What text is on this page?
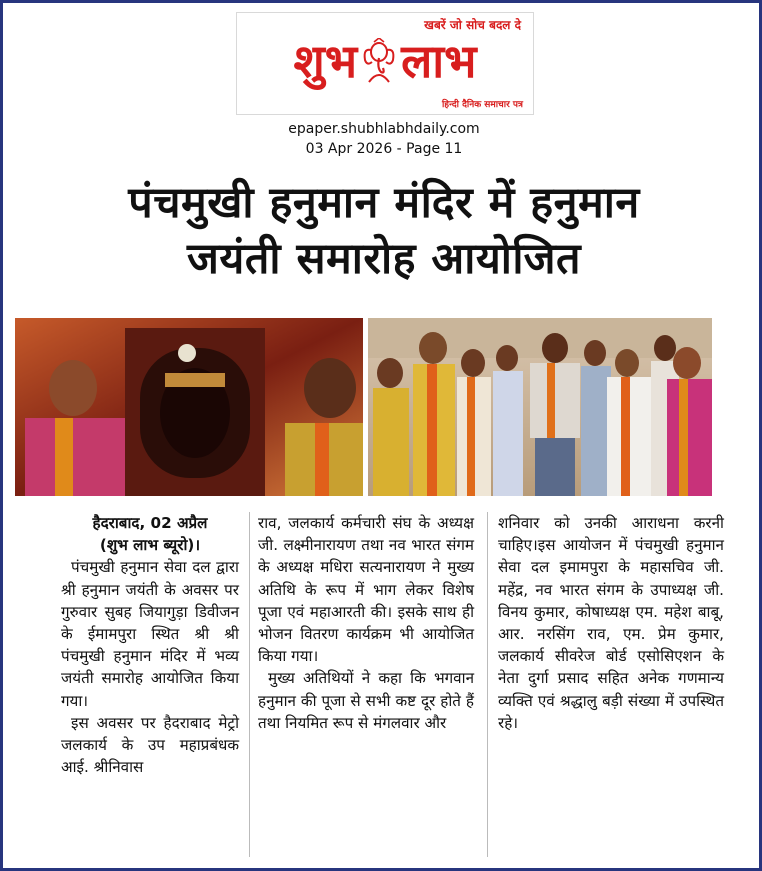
खबरें जो सोच बदल दे
शुभ लाभ
हिन्दी दैनिक समाचार पत्र
epaper.shubhlabhdaily.com
03 Apr 2026 - Page 11
पंचमुखी हनुमान मंदिर में हनुमान
जयंती समारोह आयोजित
हैदराबाद, 02 अप्रैल
(शुभ लाभ ब्यूरो)।

पंचमुखी हनुमान सेवा दल द्वारा श्री हनुमान जयंती के अवसर पर गुरुवार सुबह जियागुड़ा डिवीजन के ईमामपुरा स्थित श्री श्री पंचमुखी हनुमान मंदिर में भव्य जयंती समारोह आयोजित किया गया।

इस अवसर पर हैदराबाद मेट्रो जलकार्य के उप महाप्रबंधक आई. श्रीनिवास

राव, जलकार्य कर्मचारी संघ के अध्यक्ष जी. लक्ष्मीनारायण तथा नव भारत संगम के अध्यक्ष मधिरा सत्यनारायण ने मुख्य अतिथि के रूप में भाग लेकर विशेष पूजा एवं महाआरती की। इसके साथ ही भोजन वितरण कार्यक्रम भी आयोजित किया गया।

मुख्य अतिथियों ने कहा कि भगवान हनुमान की पूजा से सभी कष्ट दूर होते हैं तथा नियमित रूप से मंगलवार और

शनिवार को उनकी आराधना करनी चाहिए।इस आयोजन में पंचमुखी हनुमान सेवा दल इमामपुरा के महासचिव जी. महेंद्र, नव भारत संगम के उपाध्यक्ष जी. विनय कुमार, कोषाध्यक्ष एम. महेश बाबू, आर. नरसिंग राव, एम. प्रेम कुमार, जलकार्य सीवरेज बोर्ड एसोसिएशन के नेता दुर्गा प्रसाद सहित अनेक गणमान्य व्यक्ति एवं श्रद्धालु बड़ी संख्या में उपस्थित रहे।
